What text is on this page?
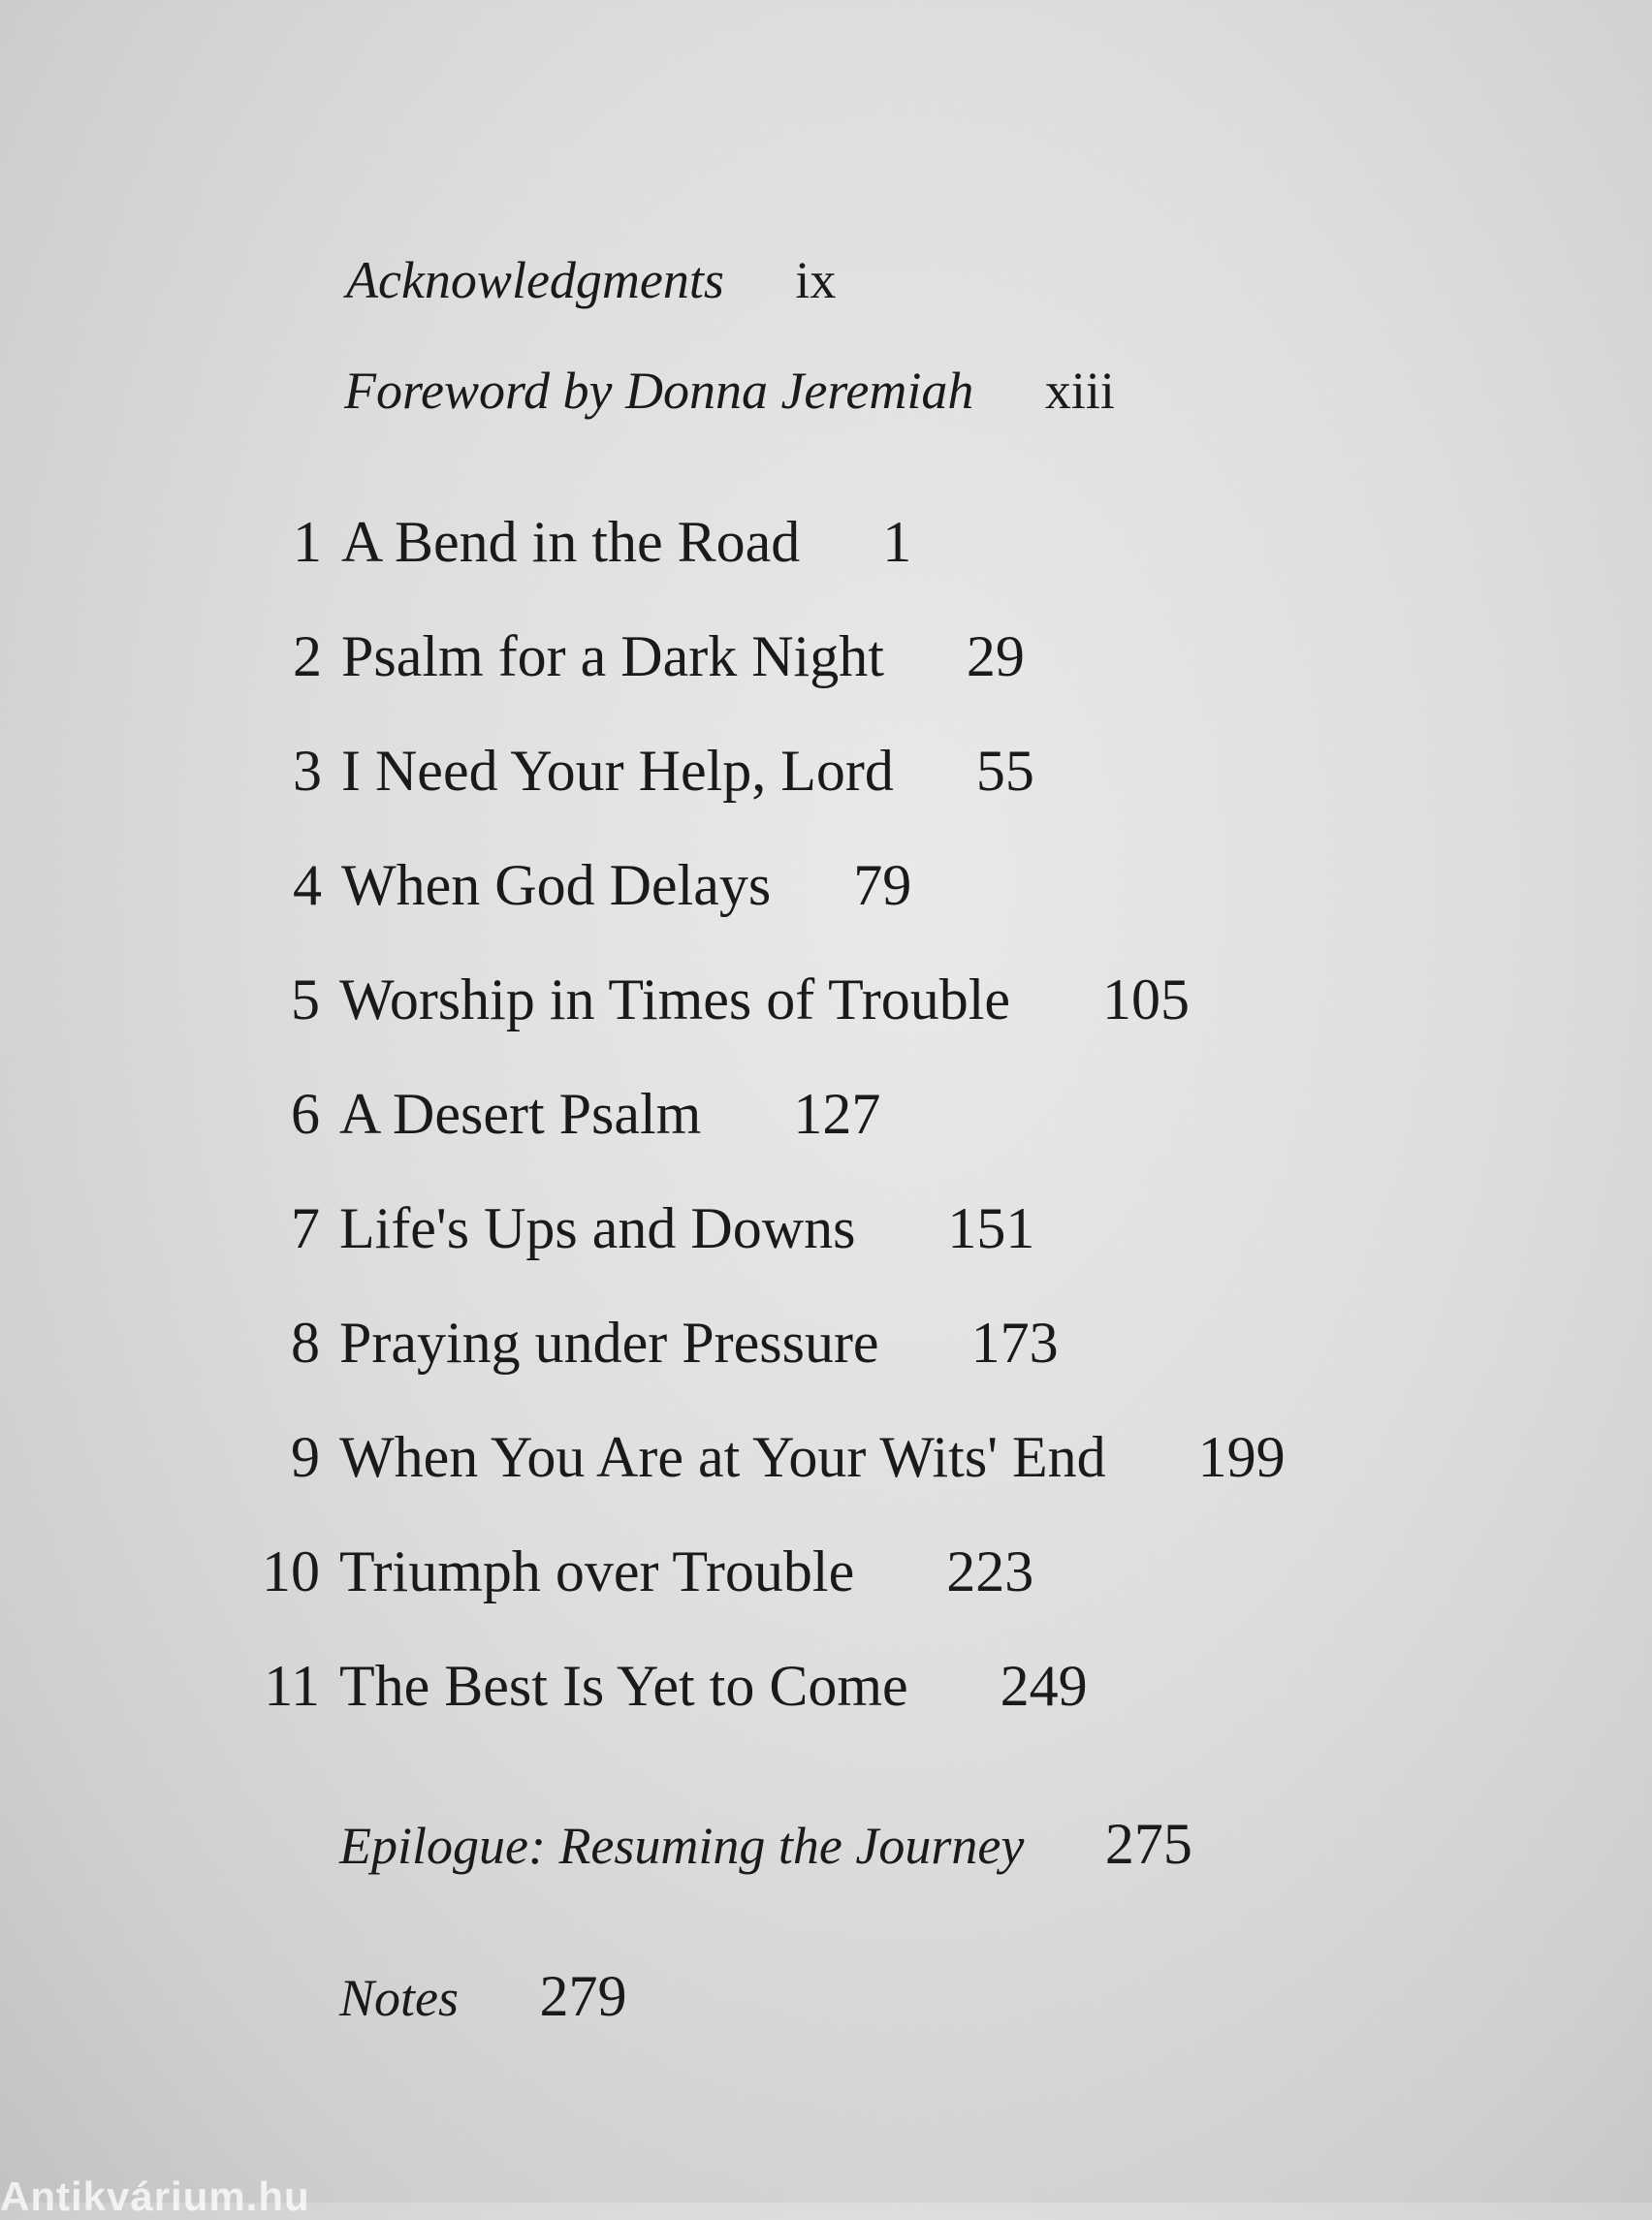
Acknowledgments ix
Foreword by Donna Jeremiah xiii
1 A Bend in the Road 1
2 Psalm for a Dark Night 29
3 I Need Your Help, Lord 55
4 When God Delays 79
5 Worship in Times of Trouble 105
6 A Desert Psalm 127
7 Life's Ups and Downs 151
8 Praying under Pressure 173
9 When You Are at Your Wits' End 199
10 Triumph over Trouble 223
11 The Best Is Yet to Come 249
Epilogue: Resuming the Journey 275
Notes 279
Antikvárium.hu
